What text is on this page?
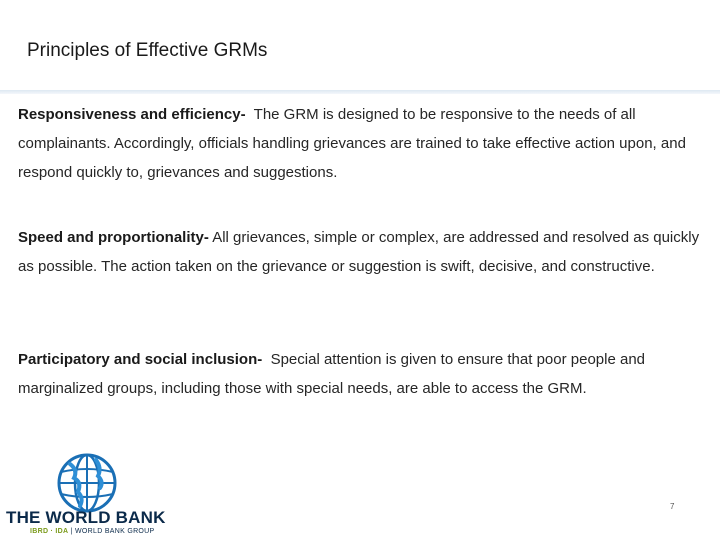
Principles of Effective GRMs

Responsiveness and efficiency- The GRM is designed to be responsive to the needs of all complainants. Accordingly, officials handling grievances are trained to take effective action upon, and respond quickly to, grievances and suggestions.

Speed and proportionality- All grievances, simple or complex, are addressed and resolved as quickly as possible. The action taken on the grievance or suggestion is swift, decisive, and constructive.

Participatory and social inclusion- Special attention is given to ensure that poor people and marginalized groups, including those with special needs, are able to access the GRM.

THE WORLD BANK
IBRD · IDA | WORLD BANK GROUP
7
